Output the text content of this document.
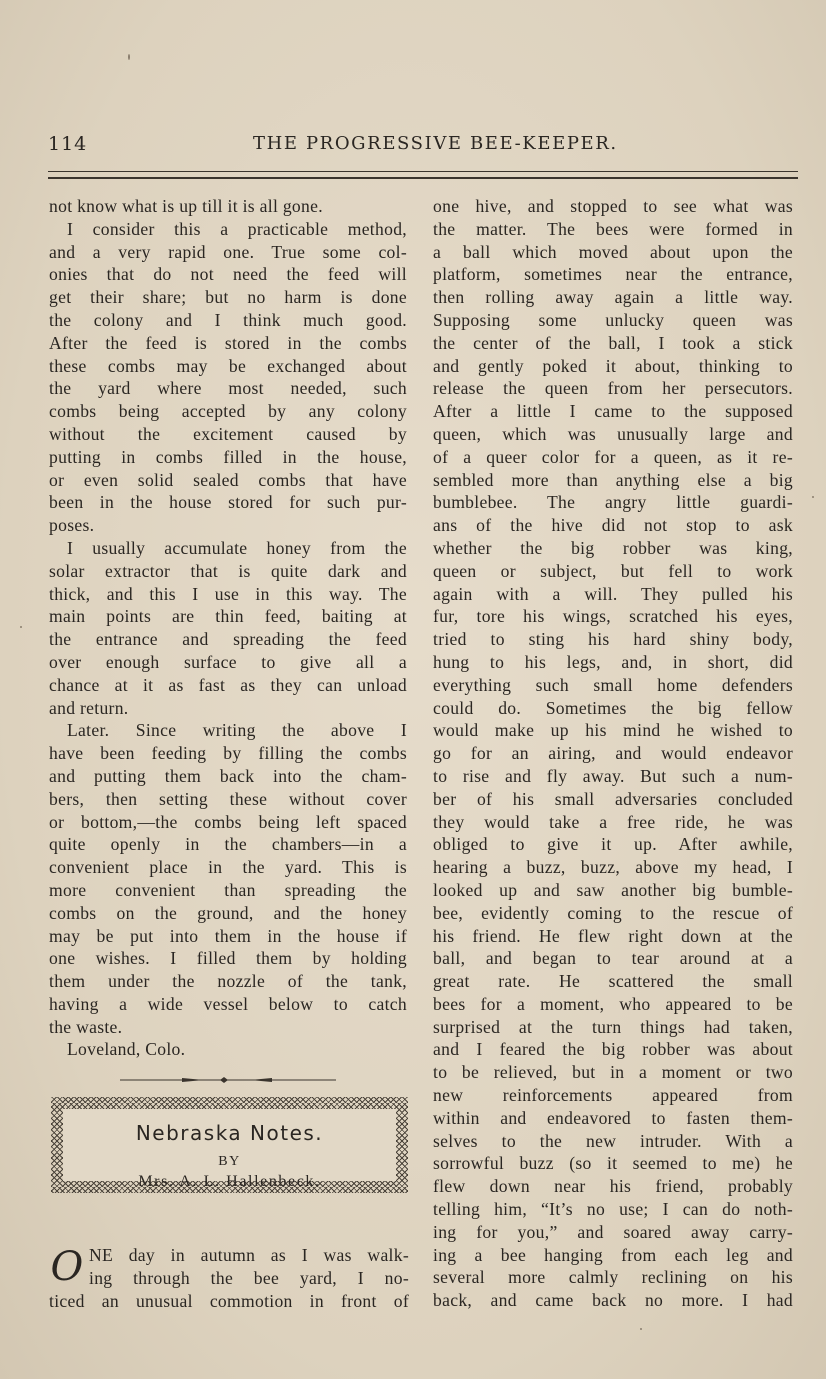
114	THE PROGRESSIVE BEE-KEEPER.
not know what is up till it is all gone.
I consider this a practicable method,
and a very rapid one. True some col-
onies that do not need the feed will
get their share; but no harm is done
the colony and I think much good.
After the feed is stored in the combs
these combs may be exchanged about
the yard where most needed, such
combs being accepted by any colony
without the excitement caused by
putting in combs filled in the house,
or even solid sealed combs that have
been in the house stored for such pur-
poses.
I usually accumulate honey from the
solar extractor that is quite dark and
thick, and this I use in this way. The
main points are thin feed, baiting at
the entrance and spreading the feed
over enough surface to give all a
chance at it as fast as they can unload
and return.
Later. Since writing the above I
have been feeding by filling the combs
and putting them back into the cham-
bers, then setting these without cover
or bottom,—the combs being left spaced
quite openly in the chambers—in a
convenient place in the yard. This is
more convenient than spreading the
combs on the ground, and the honey
may be put into them in the house if
one wishes. I filled them by holding
them under the nozzle of the tank,
having a wide vessel below to catch
the waste.
Loveland, Colo.
Nebraska Notes.
BY
Mrs. A. L. Hallenbeck.
O NE day in autumn as I was walk-
ing through the bee yard, I no-
ticed an unusual commotion in front of
one hive, and stopped to see what was
the matter. The bees were formed in
a ball which moved about upon the
platform, sometimes near the entrance,
then rolling away again a little way.
Supposing some unlucky queen was
the center of the ball, I took a stick
and gently poked it about, thinking to
release the queen from her persecutors.
After a little I came to the supposed
queen, which was unusually large and
of a queer color for a queen, as it re-
sembled more than anything else a big
bumblebee. The angry little guardi-
ans of the hive did not stop to ask
whether the big robber was king,
queen or subject, but fell to work
again with a will. They pulled his
fur, tore his wings, scratched his eyes,
tried to sting his hard shiny body,
hung to his legs, and, in short, did
everything such small home defenders
could do. Sometimes the big fellow
would make up his mind he wished to
go for an airing, and would endeavor
to rise and fly away. But such a num-
ber of his small adversaries concluded
they would take a free ride, he was
obliged to give it up. After awhile,
hearing a buzz, buzz, above my head, I
looked up and saw another big bumble-
bee, evidently coming to the rescue of
his friend. He flew right down at the
ball, and began to tear around at a
great rate. He scattered the small
bees for a moment, who appeared to be
surprised at the turn things had taken,
and I feared the big robber was about
to be relieved, but in a moment or two
new reinforcements appeared from
within and endeavored to fasten them-
selves to the new intruder. With a
sorrowful buzz (so it seemed to me) he
flew down near his friend, probably
telling him, “It’s no use; I can do noth-
ing for you,” and soared away carry-
ing a bee hanging from each leg and
several more calmly reclining on his
back, and came back no more. I had
